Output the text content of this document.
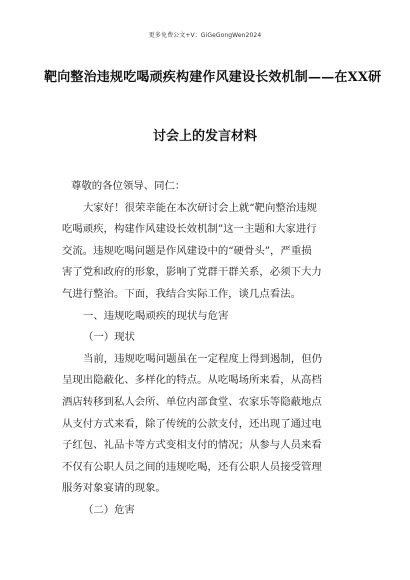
更多免费公文+V：GiGeGongWen2024
靶向整治违规吃喝顽疾构建作风建设长效机制——在XX研
讨会上的发言材料
尊敬的各位领导、同仁：
大家好！很荣幸能在本次研讨会上就“靶向整治违规
吃喝顽疾，构建作风建设长效机制”这一主题和大家进行
交流。违规吃喝问题是作风建设中的“硬骨头”，严重损
害了党和政府的形象，影响了党群干群关系，必须下大力
气进行整治。下面，我结合实际工作，谈几点看法。
一、违规吃喝顽疾的现状与危害
（一）现状
当前，违规吃喝问题虽在一定程度上得到遏制，但仍
呈现出隐蔽化、多样化的特点。从吃喝场所来看，从高档
酒店转移到私人会所、单位内部食堂、农家乐等隐蔽地点
从支付方式来看，除了传统的公款支付，还出现了通过电
子红包、礼品卡等方式变相支付的情况；从参与人员来看
不仅有公职人员之间的违规吃喝，还有公职人员接受管理
服务对象宴请的现象。
（二）危害
